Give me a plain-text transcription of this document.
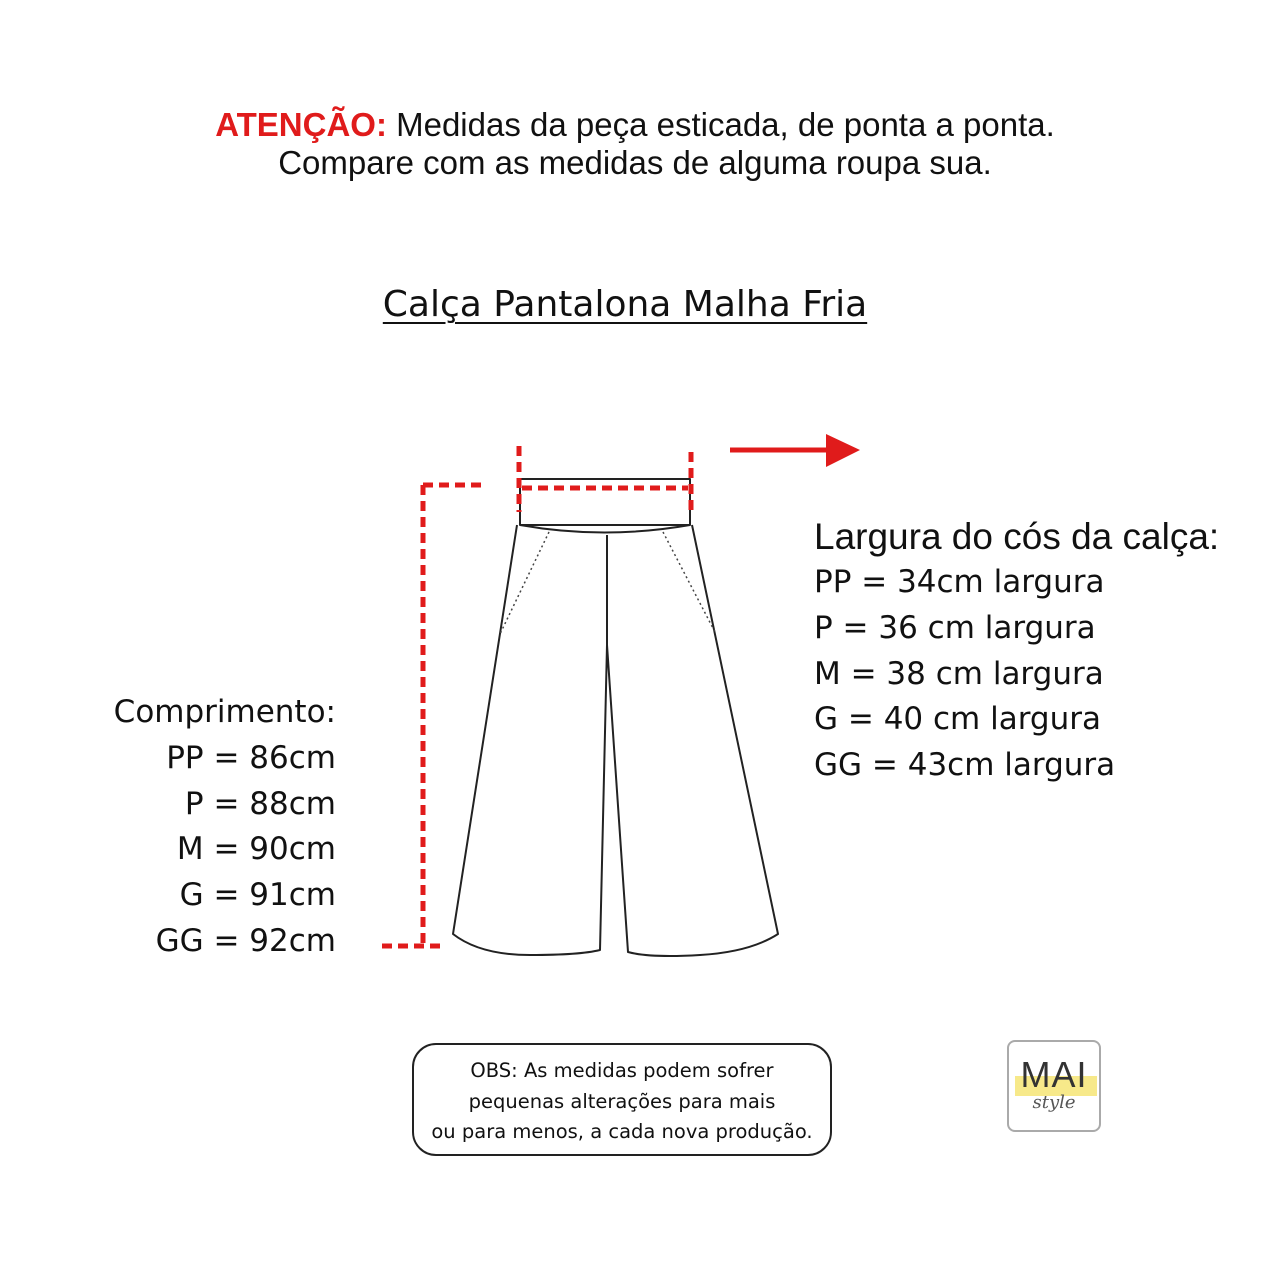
ATENÇÃO: Medidas da peça esticada, de ponta a ponta.
Compare com as medidas de alguma roupa sua.
Calça Pantalona Malha Fria
Comprimento:
PP = 86cm
P = 88cm
M = 90cm
G = 91cm
GG = 92cm
Largura do cós da calça:
PP = 34cm largura
P = 36 cm largura
M = 38 cm largura
G = 40 cm largura
GG = 43cm largura
OBS: As medidas podem sofrer
pequenas alterações para mais
ou para menos, a cada nova produção.
MAI
style
